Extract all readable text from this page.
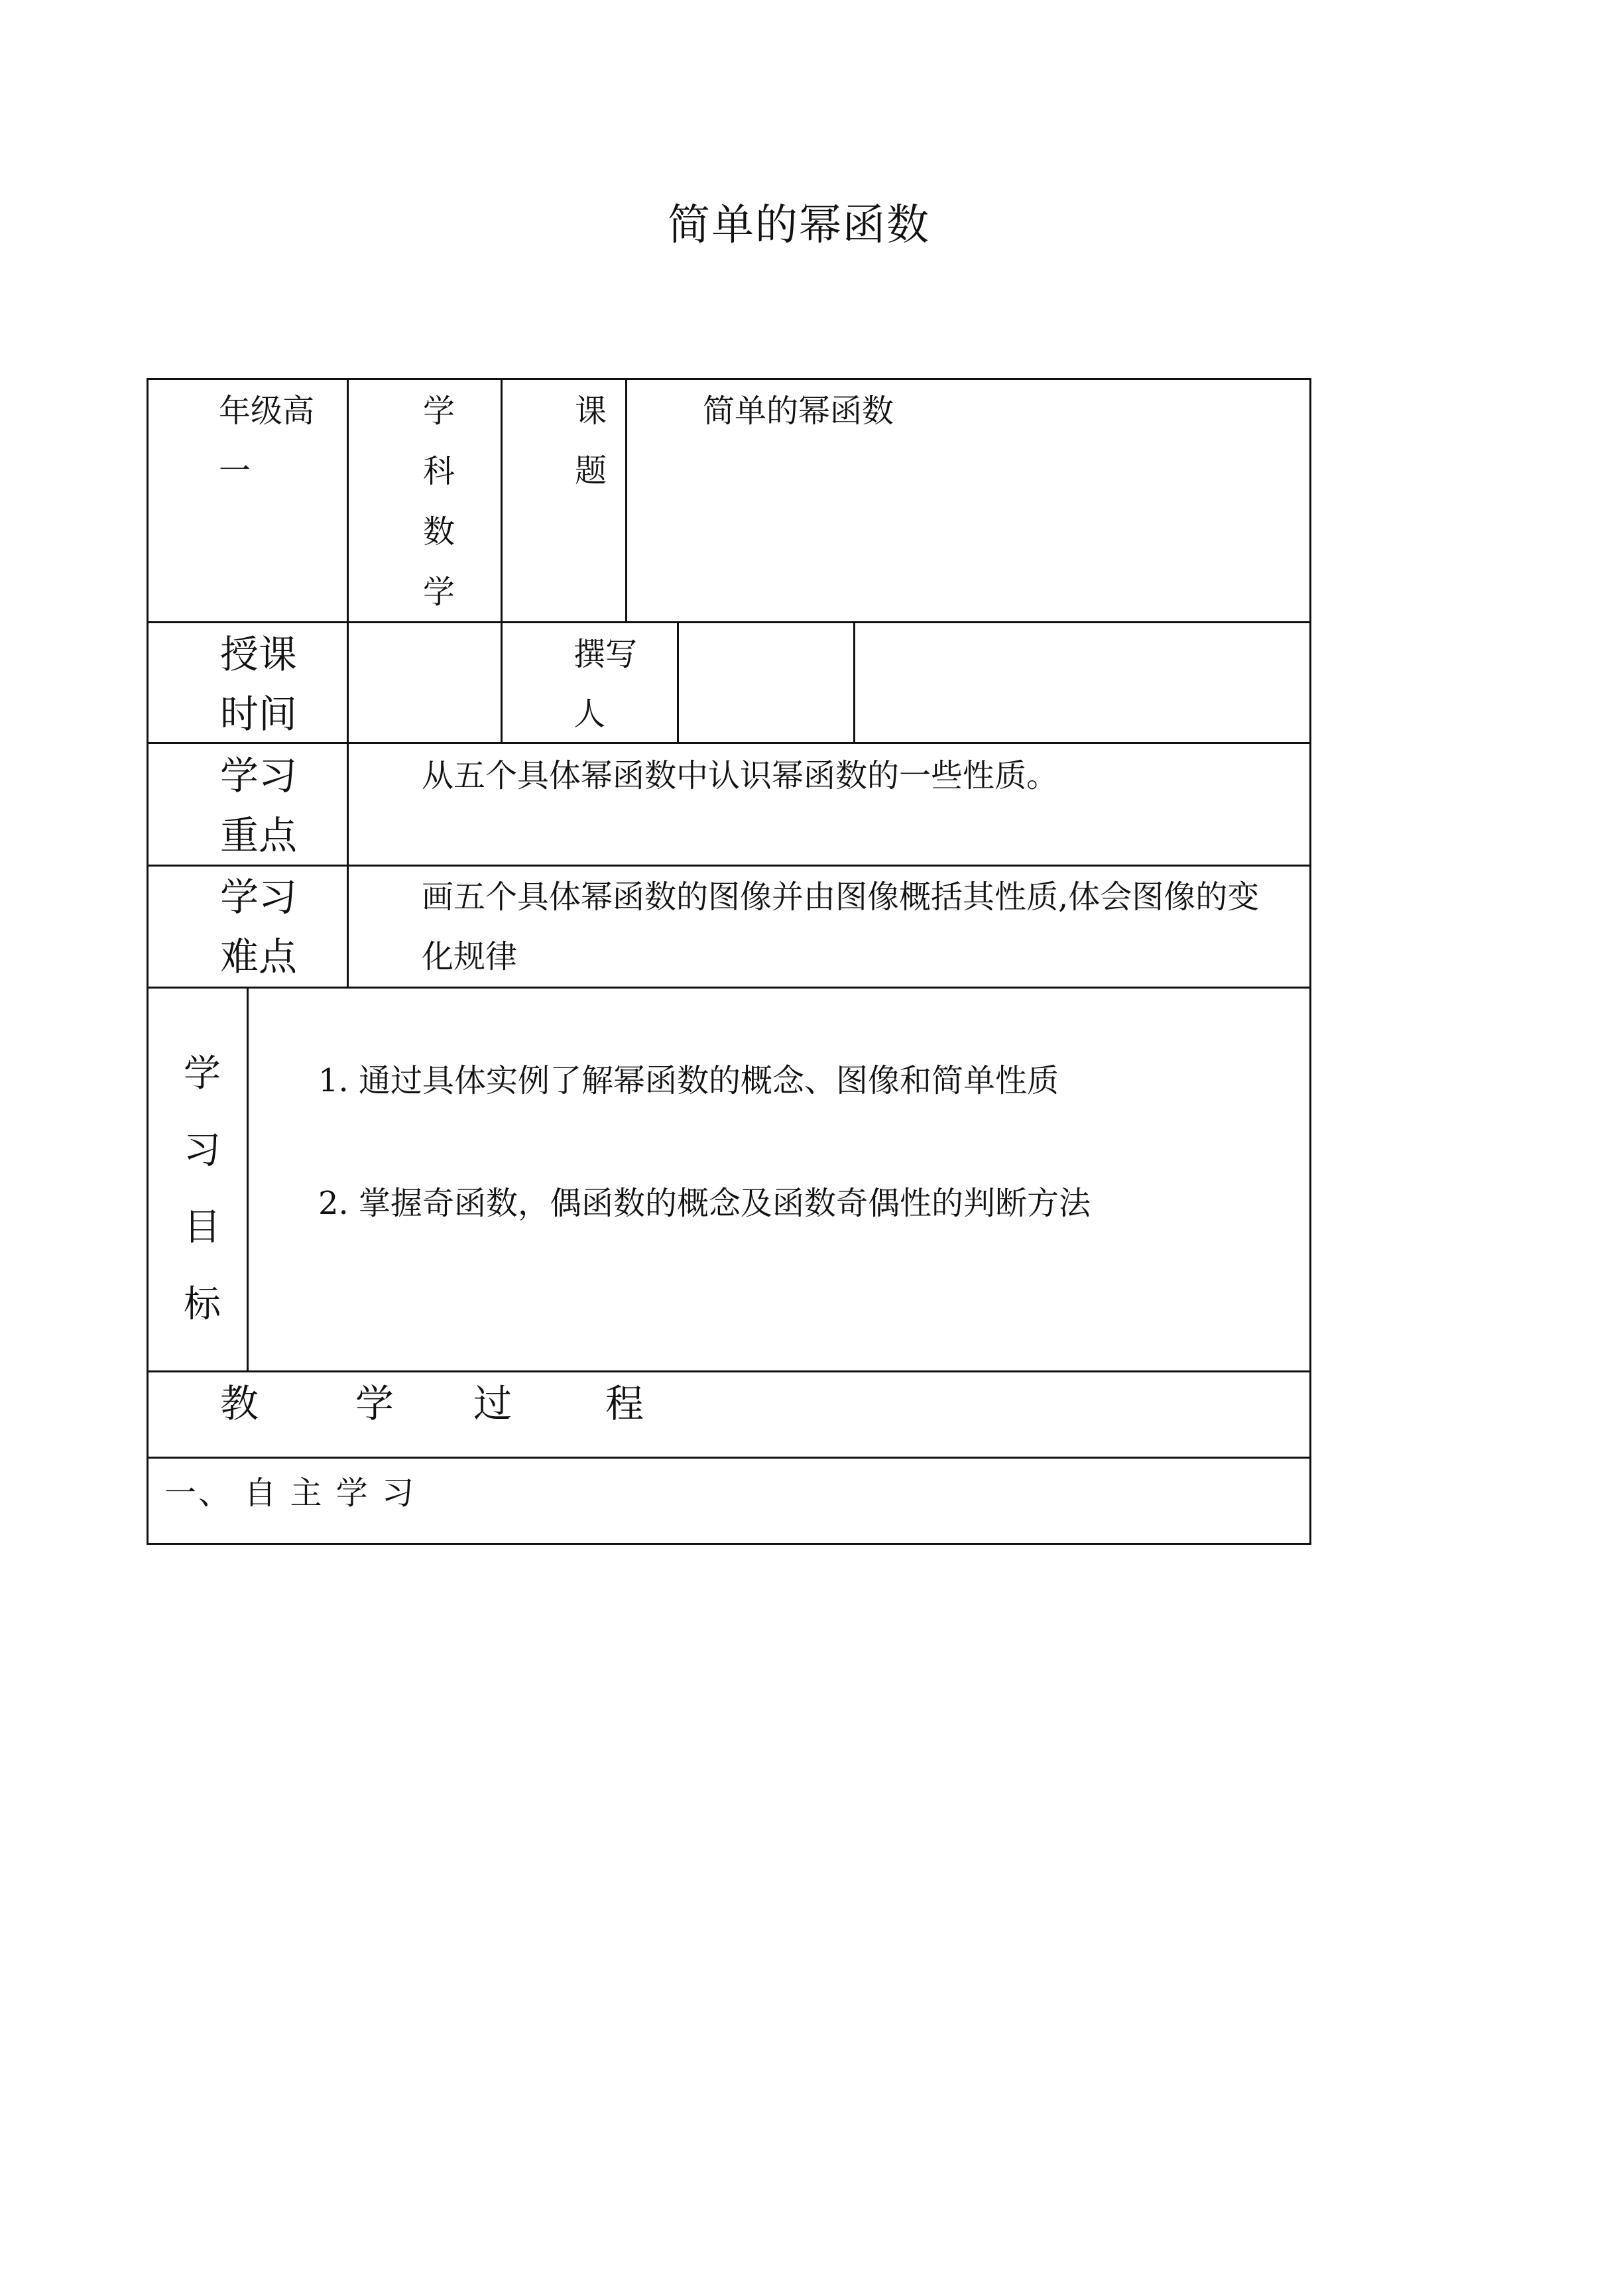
简单的幂函数
年级高
一
学
科
数
学
课
题
简单的幂函数
授课
时间
撰写
人
学习
重点
从五个具体幂函数中认识幂函数的一些性质。
学习
难点
画五个具体幂函数的图像并由图像概括其性质,体会图像的变
化规律
学
习
目
标
1. 通过具体实例了解幂函数的概念、图像和简单性质
2. 掌握奇函数，偶函数的概念及函数奇偶性的判断方法
教	学 过 程
一、 自 主 学 习
